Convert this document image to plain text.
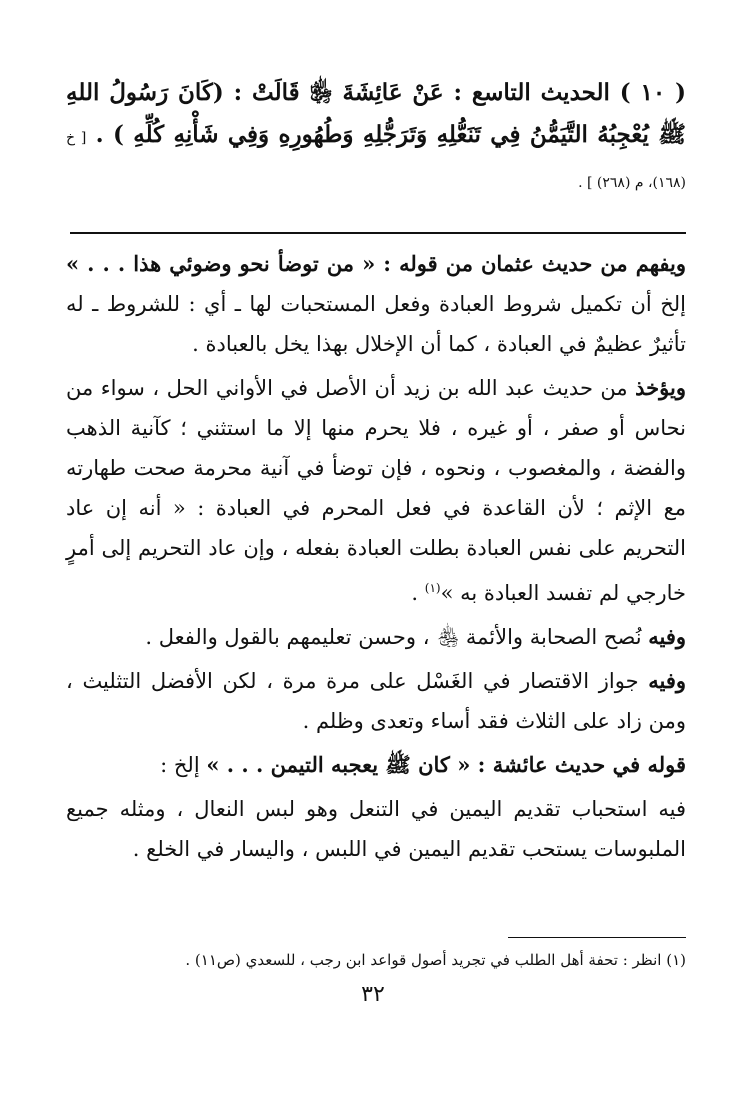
( ١٠ ) الحديث التاسع : عَنْ عَائِشَةَ ﵂ قَالَتْ : (كَانَ رَسُولُ اللهِ ﷺ يُعْجِبُهُ التَّيَمُّنُ فِي تَنَعُّلِهِ وَتَرَجُّلِهِ وَطُهُورِهِ وَفِي شَأْنِهِ كُلِّهِ ) . [ خ (١٦٨)، م (٢٦٨) ] .

ويفهم من حديث عثمان من قوله : « من توضأ نحو وضوئي هذا . . . » إلخ أن تكميل شروط العبادة وفعل المستحبات لها ـ أي : للشروط ـ له تأثيرٌ عظيمٌ في العبادة ، كما أن الإخلال بهذا يخل بالعبادة .

ويؤخذ من حديث عبد الله بن زيد أن الأصل في الأواني الحل ، سواء من نحاس أو صفر ، أو غيره ، فلا يحرم منها إلا ما استثني ؛ كآنية الذهب والفضة ، والمغصوب ، ونحوه ، فإن توضأ في آنية محرمة صحت طهارته مع الإثم ؛ لأن القاعدة في فعل المحرم في العبادة : « أنه إن عاد التحريم على نفس العبادة بطلت العبادة بفعله ، وإن عاد التحريم إلى أمرٍ خارجي لم تفسد العبادة به »$^{(١)}$ .

وفيه نُصح الصحابة والأئمة ﵃ ، وحسن تعليمهم بالقول والفعل .

وفيه جواز الاقتصار في الغَسْل على مرة مرة ، لكن الأفضل التثليث ، ومن زاد على الثلاث فقد أساء وتعدى وظلم .

قوله في حديث عائشة : « كان ﷺ يعجبه التيمن . . . » إلخ :

فيه استحباب تقديم اليمين في التنعل وهو لبس النعال ، ومثله جميع الملبوسات يستحب تقديم اليمين في اللبس ، واليسار في الخلع .

(١) انظر : تحفة أهل الطلب في تجريد أصول قواعد ابن رجب ، للسعدي (ص١١) .
٣٢
